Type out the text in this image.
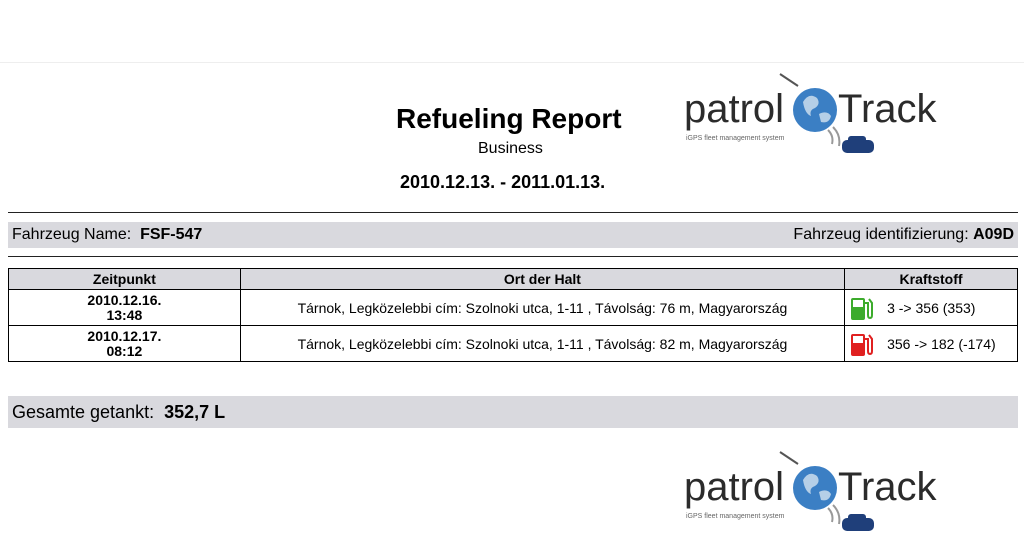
Refueling Report
Business
2010.12.13. - 2011.01.13.
patrol Track
iGPS fleet management system
Fahrzeug Name: FSF-547	Fahrzeug identifizierung: A09D
Zeitpunkt	Ort der Halt	Kraftstoff
2010.12.16.
13:48	Tárnok, Legközelebbi cím: Szolnoki utca, 1-11 , Távolság: 76 m, Magyarország	3 -> 356 (353)

2010.12.17.
08:12	Tárnok, Legközelebbi cím: Szolnoki utca, 1-11 , Távolság: 82 m, Magyarország	356 -> 182 (-174)
Gesamte getankt: 352,7 L
patrol Track
iGPS fleet management system
